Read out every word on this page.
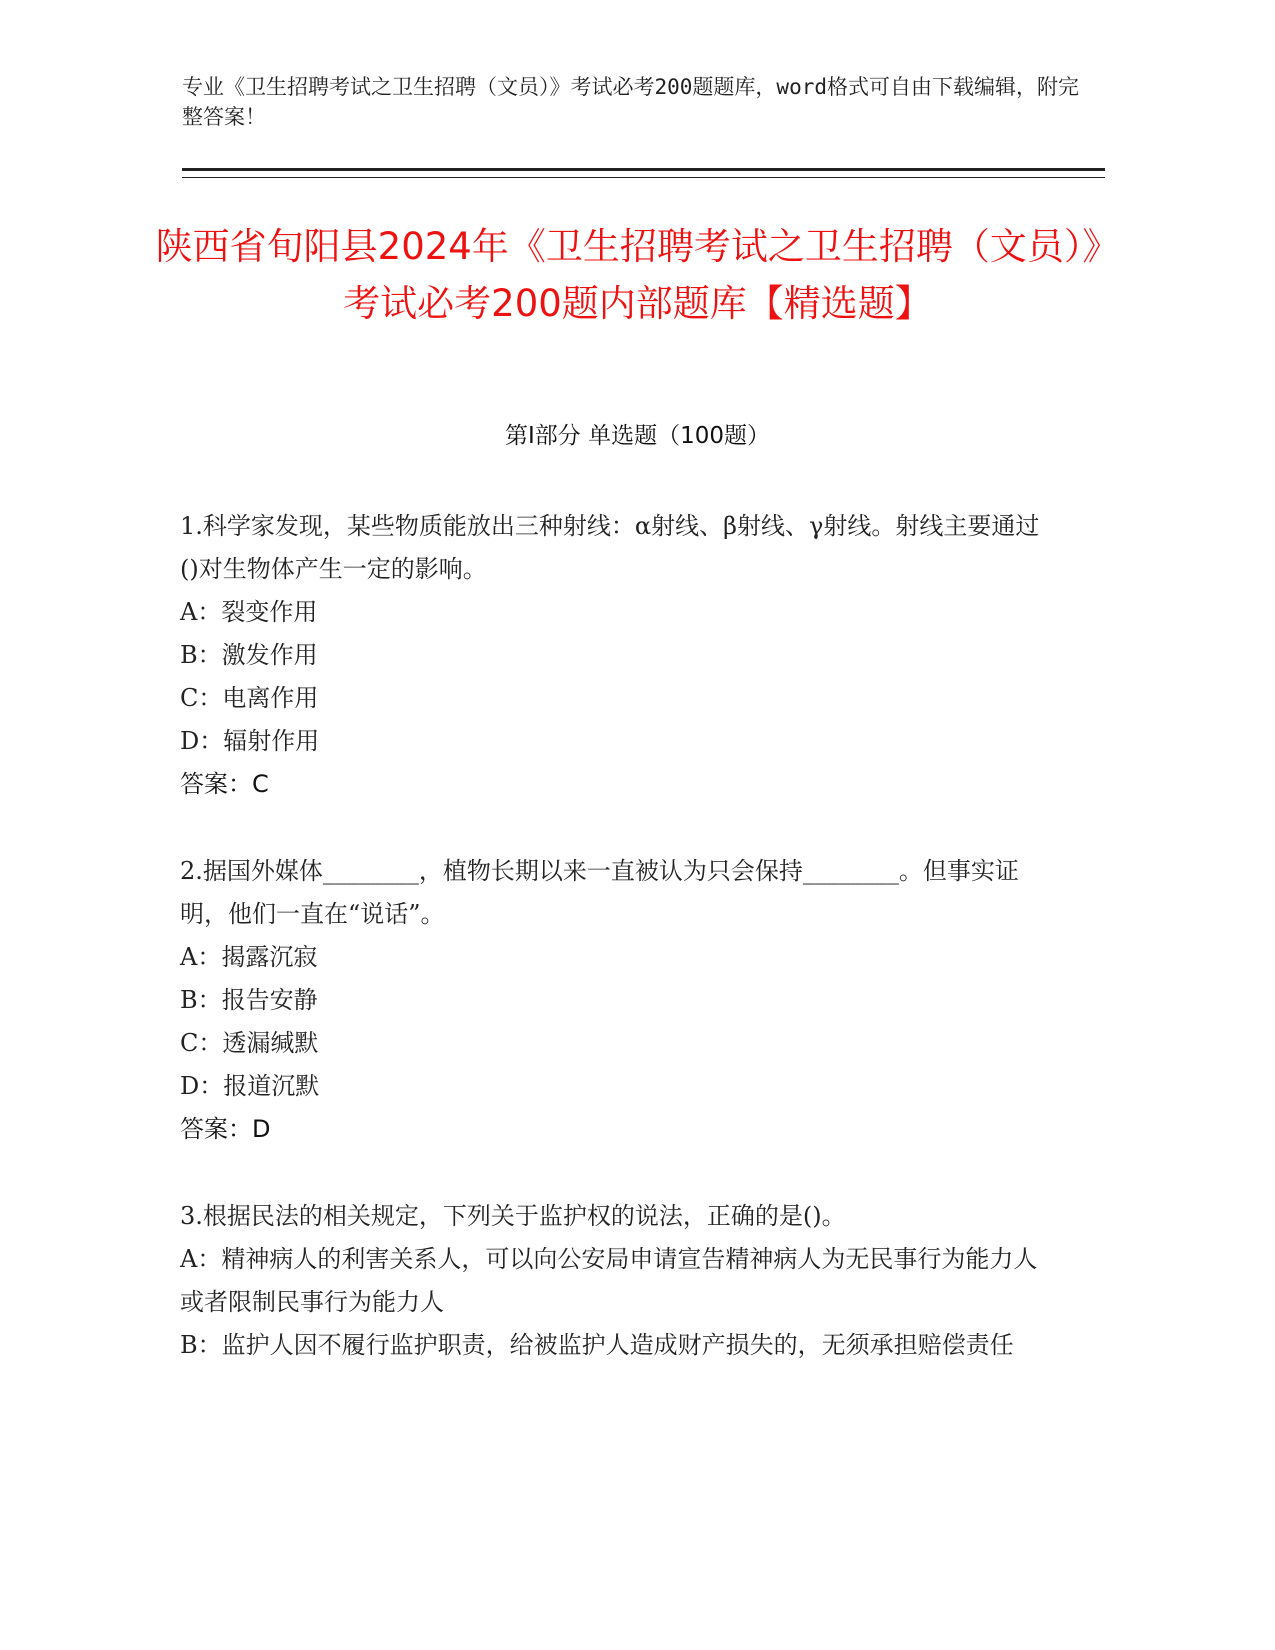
专业《卫生招聘考试之卫生招聘（文员）》考试必考200题题库，word格式可自由下载编辑，附完整答案！
陕西省旬阳县2024年《卫生招聘考试之卫生招聘（文员）》考试必考200题内部题库【精选题】
第Ⅰ部分 单选题（100题）
1.科学家发现，某些物质能放出三种射线：α射线、β射线、γ射线。射线主要通过()对生物体产生一定的影响。
A：裂变作用
B：激发作用
C：电离作用
D：辐射作用
答案：C
2.据国外媒体________，植物长期以来一直被认为只会保持________。但事实证明，他们一直在“说话”。
A：揭露沉寂
B：报告安静
C：透漏缄默
D：报道沉默
答案：D
3.根据民法的相关规定，下列关于监护权的说法，正确的是()。
A：精神病人的利害关系人，可以向公安局申请宣告精神病人为无民事行为能力人或者限制民事行为能力人
B：监护人因不履行监护职责，给被监护人造成财产损失的，无须承担赔偿责任
